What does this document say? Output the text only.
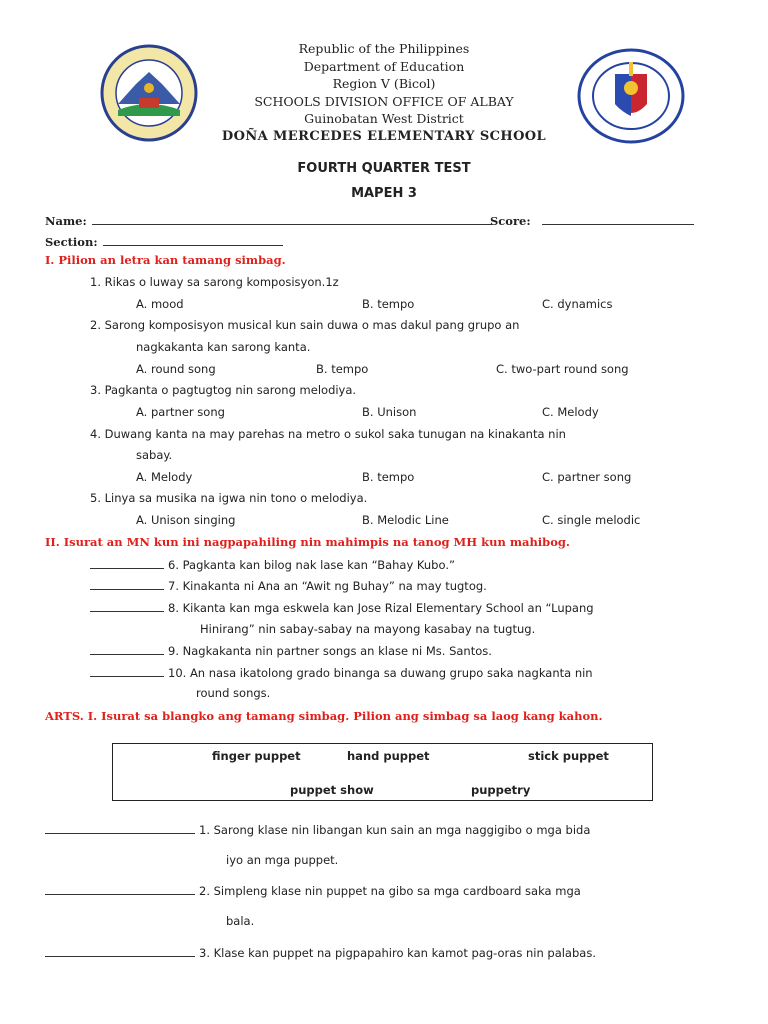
Republic of the Philippines
Department of Education
Region V (Bicol)
SCHOOLS DIVISION OFFICE OF ALBAY
Guinobatan West District
DOÑA MERCEDES ELEMENTARY SCHOOL
FOURTH QUARTER TEST
MAPEH 3
Name:	Score:
Section:
I. Pilion an letra kan tamang simbag.
1. Rikas o luway sa sarong komposisyon.1z
A. mood	B. tempo	C. dynamics
2. Sarong komposisyon musical kun sain duwa o mas dakul pang grupo an
nagkakanta kan sarong kanta.
A. round song	B. tempo	C. two-part round song
3. Pagkanta o pagtugtog nin sarong melodiya.
A. partner song	B. Unison	C. Melody
4. Duwang kanta na may parehas na metro o sukol saka tunugan na kinakanta nin
sabay.
A. Melody	B. tempo	C. partner song
5. Linya sa musika na igwa nin tono o melodiya.
A. Unison singing	B. Melodic Line	C. single melodic
II. Isurat an MN kun ini nagpapahiling nin mahimpis na tanog MH kun mahibog.
6. Pagkanta kan bilog nak lase kan “Bahay Kubo.”
7. Kinakanta ni Ana an “Awit ng Buhay” na may tugtog.
8. Kikanta kan mga eskwela kan Jose Rizal Elementary School an “Lupang
Hinirang” nin sabay-sabay na mayong kasabay na tugtug.
9. Nagkakanta nin partner songs an klase ni Ms. Santos.
10. An nasa ikatolong grado binanga sa duwang grupo saka nagkanta nin
round songs.
ARTS. I. Isurat sa blangko ang tamang simbag. Pilion ang simbag sa laog kang kahon.
finger puppet	hand puppet	stick puppet
puppet show	puppetry
1. Sarong klase nin libangan kun sain an mga naggigibo o mga bida
iyo an mga puppet.
2. Simpleng klase nin puppet na gibo sa mga cardboard saka mga
bala.
3. Klase kan puppet na pigpapahiro kan kamot pag-oras nin palabas.
